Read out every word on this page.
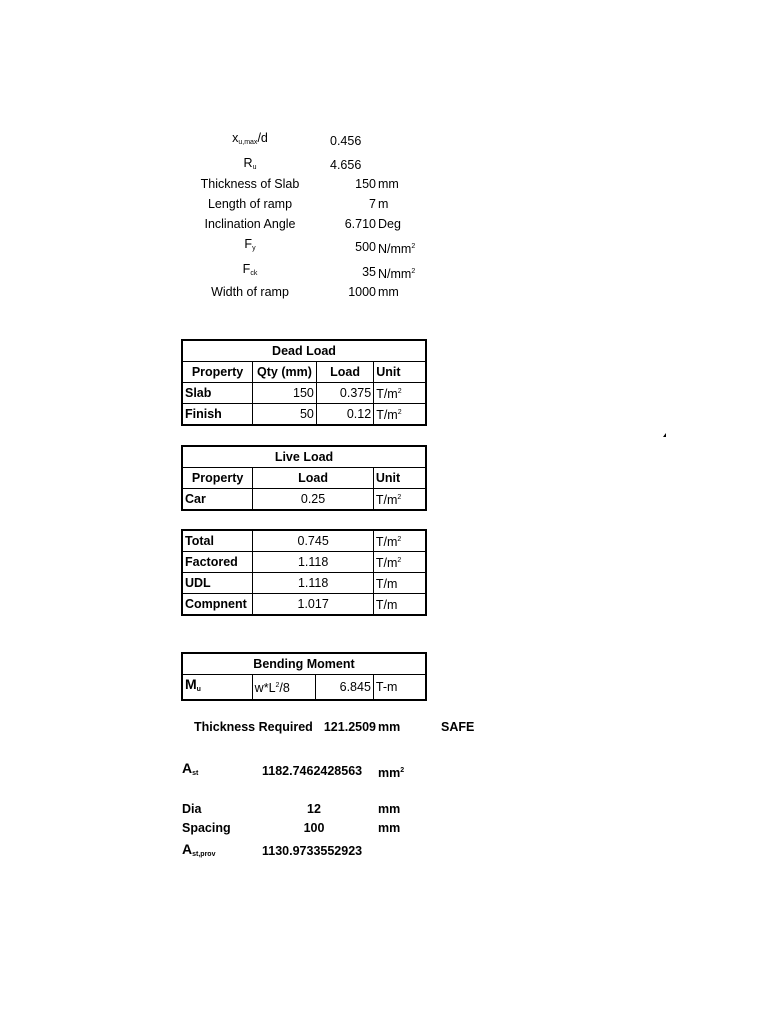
$x_{u,max}/d$	0.456
$R_u$	4.656
Thickness of Slab	150 mm
Length of ramp	7 m
Inclination Angle	6.710 Deg
$F_y$	500 $N/mm^2$
$F_{ck}$	35 $N/mm^2$
Width of ramp	1000 mm
Dead Load			
Property	Qty (mm)	Load	Unit
Slab	150	0.375	$T/m^2$
Finish	50	0.12	$T/m^2$
Live Load		
Property	Load	Unit
Car	0.25	$T/m^2$
Total	0.745	$T/m^2$
Factored	1.118	$T/m^2$
UDL	1.118	T/m
Compnent	1.017	T/m
Bending Moment
$M_u$	$w*L^2/8$	6.845	T-m
Thickness Required 121.2509 mm	SAFE
$A_{st}$	1182.7462428563 $mm^2$
Dia	12	mm
Spacing	100	mm
$A_{st,prov}$	1130.9733552923
